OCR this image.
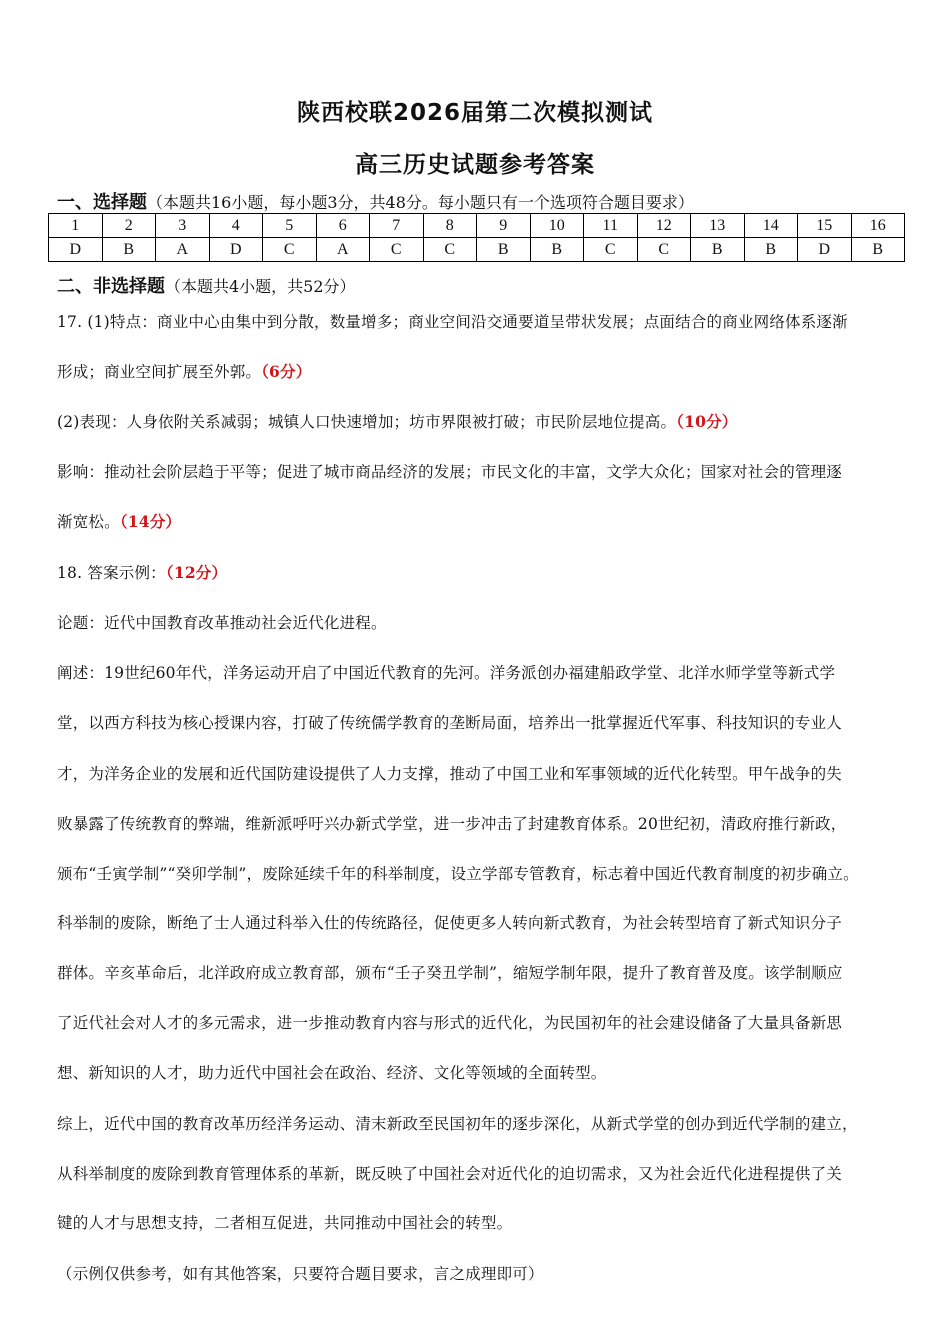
陕西校联2026届第二次模拟测试
高三历史试题参考答案
一、选择题（本题共16小题，每小题3分，共48分。每小题只有一个选项符合题目要求）
1	2	3	4	5	6	7	8	9	10	11	12	13	14	15	16
D	B	A	D	C	A	C	C	B	B	C	C	B	B	D	B
二、非选择题（本题共4小题，共52分）
17. (1)特点：商业中心由集中到分散，数量增多；商业空间沿交通要道呈带状发展；点面结合的商业网络体系逐渐
形成；商业空间扩展至外郭。（6分）
(2)表现：人身依附关系减弱；城镇人口快速增加；坊市界限被打破；市民阶层地位提高。（10分）
影响：推动社会阶层趋于平等；促进了城市商品经济的发展；市民文化的丰富，文学大众化；国家对社会的管理逐
渐宽松。（14分）
18. 答案示例：（12分）
论题：近代中国教育改革推动社会近代化进程。
阐述：19世纪60年代，洋务运动开启了中国近代教育的先河。洋务派创办福建船政学堂、北洋水师学堂等新式学
堂，以西方科技为核心授课内容，打破了传统儒学教育的垄断局面，培养出一批掌握近代军事、科技知识的专业人
才，为洋务企业的发展和近代国防建设提供了人力支撑，推动了中国工业和军事领域的近代化转型。甲午战争的失
败暴露了传统教育的弊端，维新派呼吁兴办新式学堂，进一步冲击了封建教育体系。20世纪初，清政府推行新政，
颁布“壬寅学制”“癸卯学制”，废除延续千年的科举制度，设立学部专管教育，标志着中国近代教育制度的初步确立。
科举制的废除，断绝了士人通过科举入仕的传统路径，促使更多人转向新式教育，为社会转型培育了新式知识分子
群体。辛亥革命后，北洋政府成立教育部，颁布“壬子癸丑学制”，缩短学制年限，提升了教育普及度。该学制顺应
了近代社会对人才的多元需求，进一步推动教育内容与形式的近代化，为民国初年的社会建设储备了大量具备新思
想、新知识的人才，助力近代中国社会在政治、经济、文化等领域的全面转型。
综上，近代中国的教育改革历经洋务运动、清末新政至民国初年的逐步深化，从新式学堂的创办到近代学制的建立，
从科举制度的废除到教育管理体系的革新，既反映了中国社会对近代化的迫切需求，又为社会近代化进程提供了关
键的人才与思想支持，二者相互促进，共同推动中国社会的转型。
（示例仅供参考，如有其他答案，只要符合题目要求，言之成理即可）
